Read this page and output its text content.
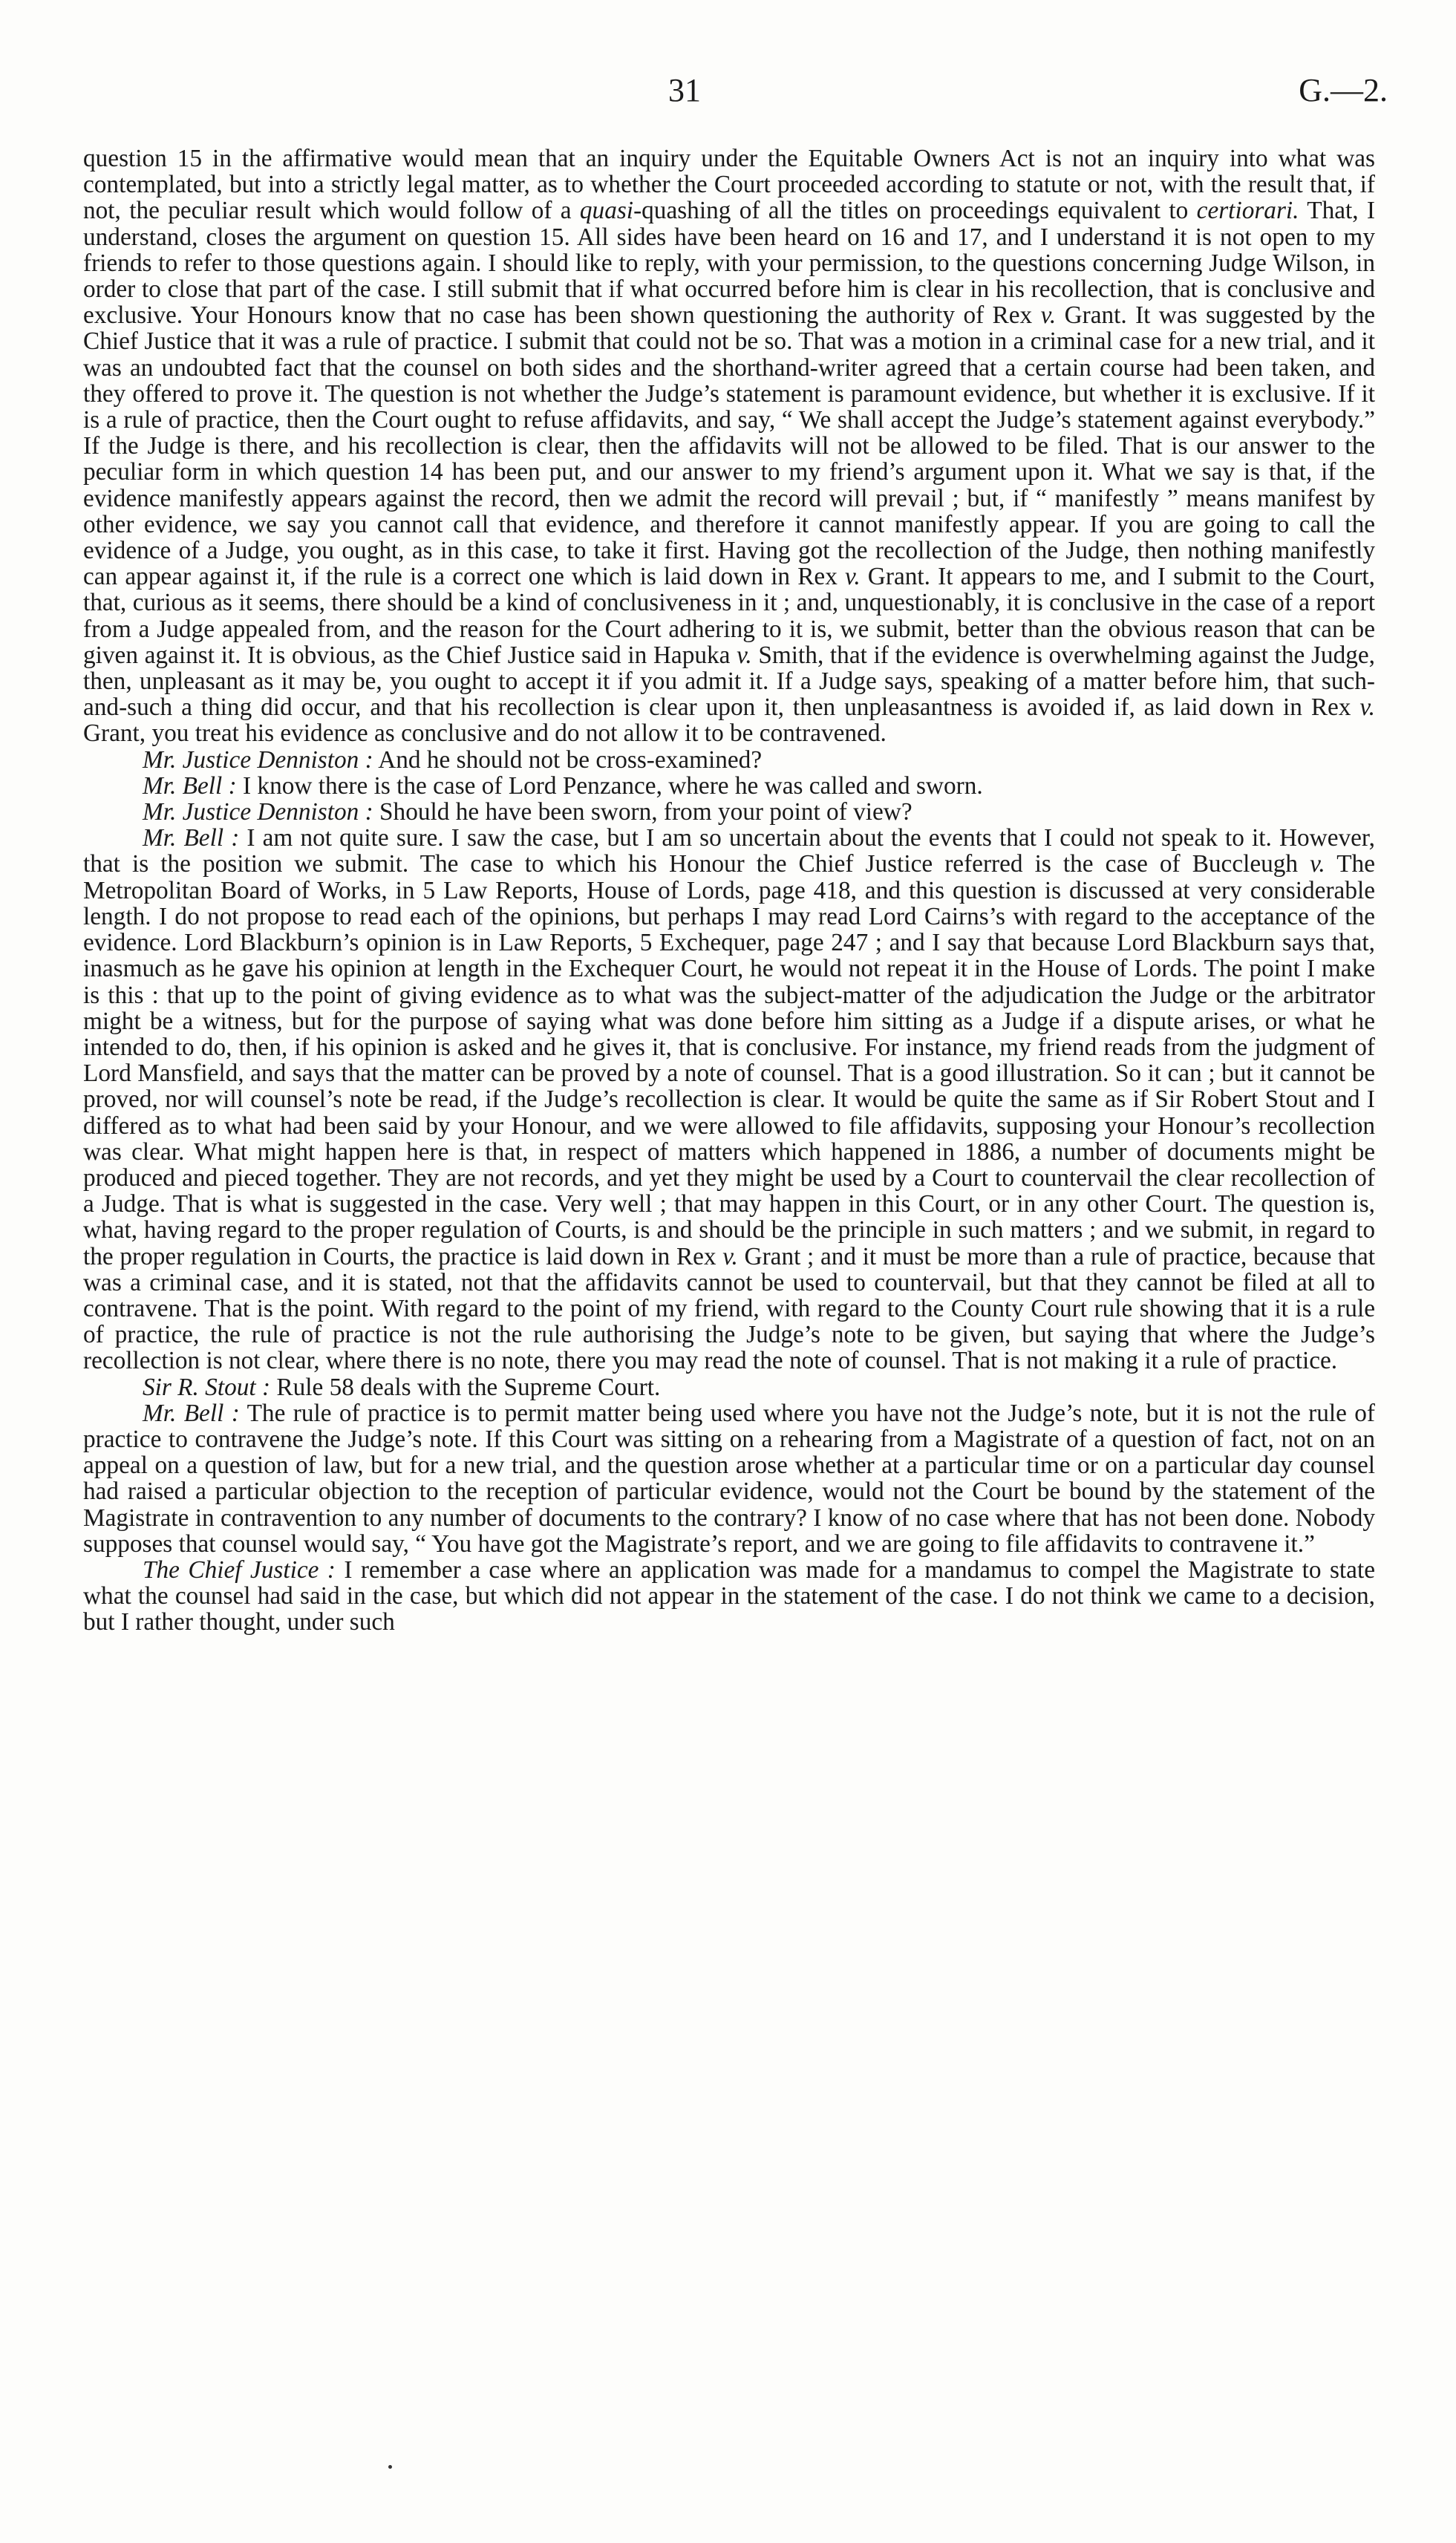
31	G.—2.

question 15 in the affirmative would mean that an inquiry under the Equitable Owners Act is not an inquiry into what was contemplated, but into a strictly legal matter, as to whether the Court proceeded according to statute or not, with the result that, if not, the peculiar result which would follow of a quasi-quashing of all the titles on proceedings equivalent to certiorari. That, I understand, closes the argument on question 15. All sides have been heard on 16 and 17, and I understand it is not open to my friends to refer to those questions again. I should like to reply, with your permission, to the questions concerning Judge Wilson, in order to close that part of the case. I still submit that if what occurred before him is clear in his recollection, that is conclusive and exclusive. Your Honours know that no case has been shown questioning the authority of Rex v. Grant. It was suggested by the Chief Justice that it was a rule of practice. I submit that could not be so. That was a motion in a criminal case for a new trial, and it was an undoubted fact that the counsel on both sides and the shorthand-writer agreed that a certain course had been taken, and they offered to prove it. The question is not whether the Judge’s statement is paramount evidence, but whether it is exclusive. If it is a rule of practice, then the Court ought to refuse affidavits, and say, “ We shall accept the Judge’s statement against everybody.” If the Judge is there, and his recollection is clear, then the affidavits will not be allowed to be filed. That is our answer to the peculiar form in which question 14 has been put, and our answer to my friend’s argument upon it. What we say is that, if the evidence manifestly appears against the record, then we admit the record will prevail ; but, if “ manifestly ” means manifest by other evidence, we say you cannot call that evidence, and therefore it cannot manifestly appear. If you are going to call the evidence of a Judge, you ought, as in this case, to take it first. Having got the recollection of the Judge, then nothing manifestly can appear against it, if the rule is a correct one which is laid down in Rex v. Grant. It appears to me, and I submit to the Court, that, curious as it seems, there should be a kind of conclusiveness in it ; and, unquestionably, it is conclusive in the case of a report from a Judge appealed from, and the reason for the Court adhering to it is, we submit, better than the obvious reason that can be given against it. It is obvious, as the Chief Justice said in Hapuka v. Smith, that if the evidence is overwhelming against the Judge, then, unpleasant as it may be, you ought to accept it if you admit it. If a Judge says, speaking of a matter before him, that such-and-such a thing did occur, and that his recollection is clear upon it, then unpleasantness is avoided if, as laid down in Rex v. Grant, you treat his evidence as conclusive and do not allow it to be contravened.

Mr. Justice Denniston : And he should not be cross-examined?

Mr. Bell : I know there is the case of Lord Penzance, where he was called and sworn.

Mr. Justice Denniston : Should he have been sworn, from your point of view?

Mr. Bell : I am not quite sure. I saw the case, but I am so uncertain about the events that I could not speak to it. However, that is the position we submit. The case to which his Honour the Chief Justice referred is the case of Buccleugh v. The Metropolitan Board of Works, in 5 Law Reports, House of Lords, page 418, and this question is discussed at very considerable length. I do not propose to read each of the opinions, but perhaps I may read Lord Cairns’s with regard to the acceptance of the evidence. Lord Blackburn’s opinion is in Law Reports, 5 Exchequer, page 247 ; and I say that because Lord Blackburn says that, inasmuch as he gave his opinion at length in the Exchequer Court, he would not repeat it in the House of Lords. The point I make is this : that up to the point of giving evidence as to what was the subject-matter of the adjudication the Judge or the arbitrator might be a witness, but for the purpose of saying what was done before him sitting as a Judge if a dispute arises, or what he intended to do, then, if his opinion is asked and he gives it, that is conclusive. For instance, my friend reads from the judgment of Lord Mansfield, and says that the matter can be proved by a note of counsel. That is a good illustration. So it can ; but it cannot be proved, nor will counsel’s note be read, if the Judge’s recollection is clear. It would be quite the same as if Sir Robert Stout and I differed as to what had been said by your Honour, and we were allowed to file affidavits, supposing your Honour’s recollection was clear. What might happen here is that, in respect of matters which happened in 1886, a number of documents might be produced and pieced together. They are not records, and yet they might be used by a Court to countervail the clear recollection of a Judge. That is what is suggested in the case. Very well ; that may happen in this Court, or in any other Court. The question is, what, having regard to the proper regulation of Courts, is and should be the principle in such matters ; and we submit, in regard to the proper regulation in Courts, the practice is laid down in Rex v. Grant ; and it must be more than a rule of practice, because that was a criminal case, and it is stated, not that the affidavits cannot be used to countervail, but that they cannot be filed at all to contravene. That is the point. With regard to the point of my friend, with regard to the County Court rule showing that it is a rule of practice, the rule of practice is not the rule authorising the Judge’s note to be given, but saying that where the Judge’s recollection is not clear, where there is no note, there you may read the note of counsel. That is not making it a rule of practice.

Sir R. Stout : Rule 58 deals with the Supreme Court.

Mr. Bell : The rule of practice is to permit matter being used where you have not the Judge’s note, but it is not the rule of practice to contravene the Judge’s note. If this Court was sitting on a rehearing from a Magistrate of a question of fact, not on an appeal on a question of law, but for a new trial, and the question arose whether at a particular time or on a particular day counsel had raised a particular objection to the reception of particular evidence, would not the Court be bound by the statement of the Magistrate in contravention to any number of documents to the contrary? I know of no case where that has not been done. Nobody supposes that counsel would say, “ You have got the Magistrate’s report, and we are going to file affidavits to contravene it.”

The Chief Justice : I remember a case where an application was made for a mandamus to compel the Magistrate to state what the counsel had said in the case, but which did not appear in the statement of the case. I do not think we came to a decision, but I rather thought, under such
